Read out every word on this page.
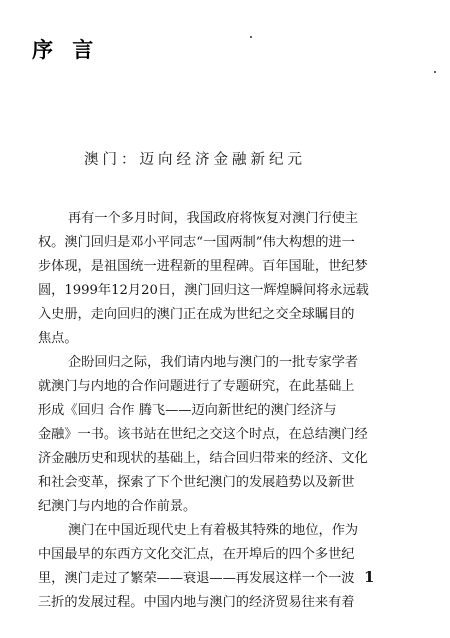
序 言
澳门：迈向经济金融新纪元
再有一个多月时间，我国政府将恢复对澳门行使主
权。澳门回归是邓小平同志“一国两制”伟大构想的进一
步体现，是祖国统一进程新的里程碑。百年国耻，世纪梦
圆，1999年12月20日，澳门回归这一辉煌瞬间将永远载
入史册，走向回归的澳门正在成为世纪之交全球瞩目的
焦点。
企盼回归之际，我们请内地与澳门的一批专家学者
就澳门与内地的合作问题进行了专题研究，在此基础上
形成《回归 合作 腾飞——迈向新世纪的澳门经济与
金融》一书。该书站在世纪之交这个时点，在总结澳门经
济金融历史和现状的基础上，结合回归带来的经济、文化
和社会变革，探索了下个世纪澳门的发展趋势以及新世
纪澳门与内地的合作前景。
澳门在中国近现代史上有着极其特殊的地位，作为
中国最早的东西方文化交汇点，在开埠后的四个多世纪
里，澳门走过了繁荣——衰退——再发展这样一个一波
三折的发展过程。中国内地与澳门的经济贸易往来有着
1
